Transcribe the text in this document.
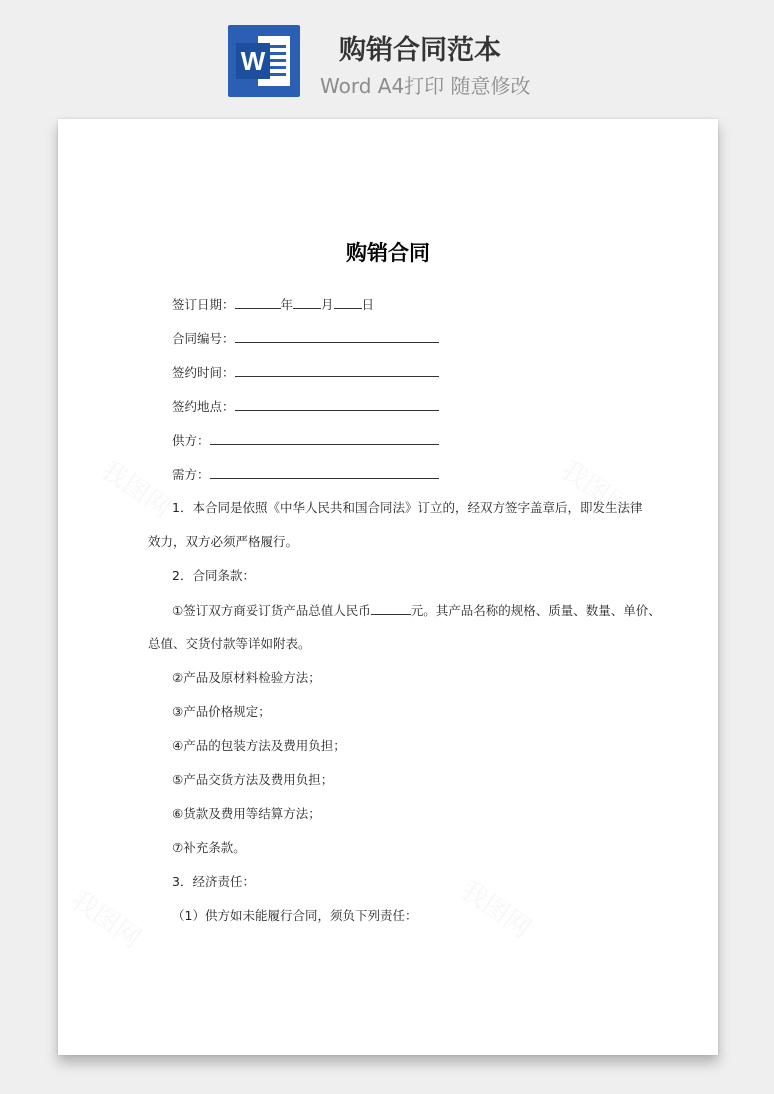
W	购销合同范本
Word A4打印 随意修改
购销合同
签订日期：	年 月 日
合同编号：
签约时间：
签约地点：
供方：
需方：
1．本合同是依照《中华人民共和国合同法》订立的，经双方签字盖章后，即发生法律
效力，双方必须严格履行。
2．合同条款：
①签订双方商妥订货产品总值人民币	元。其产品名称的规格、质量、数量、单价、
总值、交货付款等详如附表。
②产品及原材料检验方法；
③产品价格规定；
④产品的包装方法及费用负担；
⑤产品交货方法及费用负担；
⑥货款及费用等结算方法；
⑦补充条款。
3．经济责任：
（1）供方如未能履行合同，须负下列责任：
